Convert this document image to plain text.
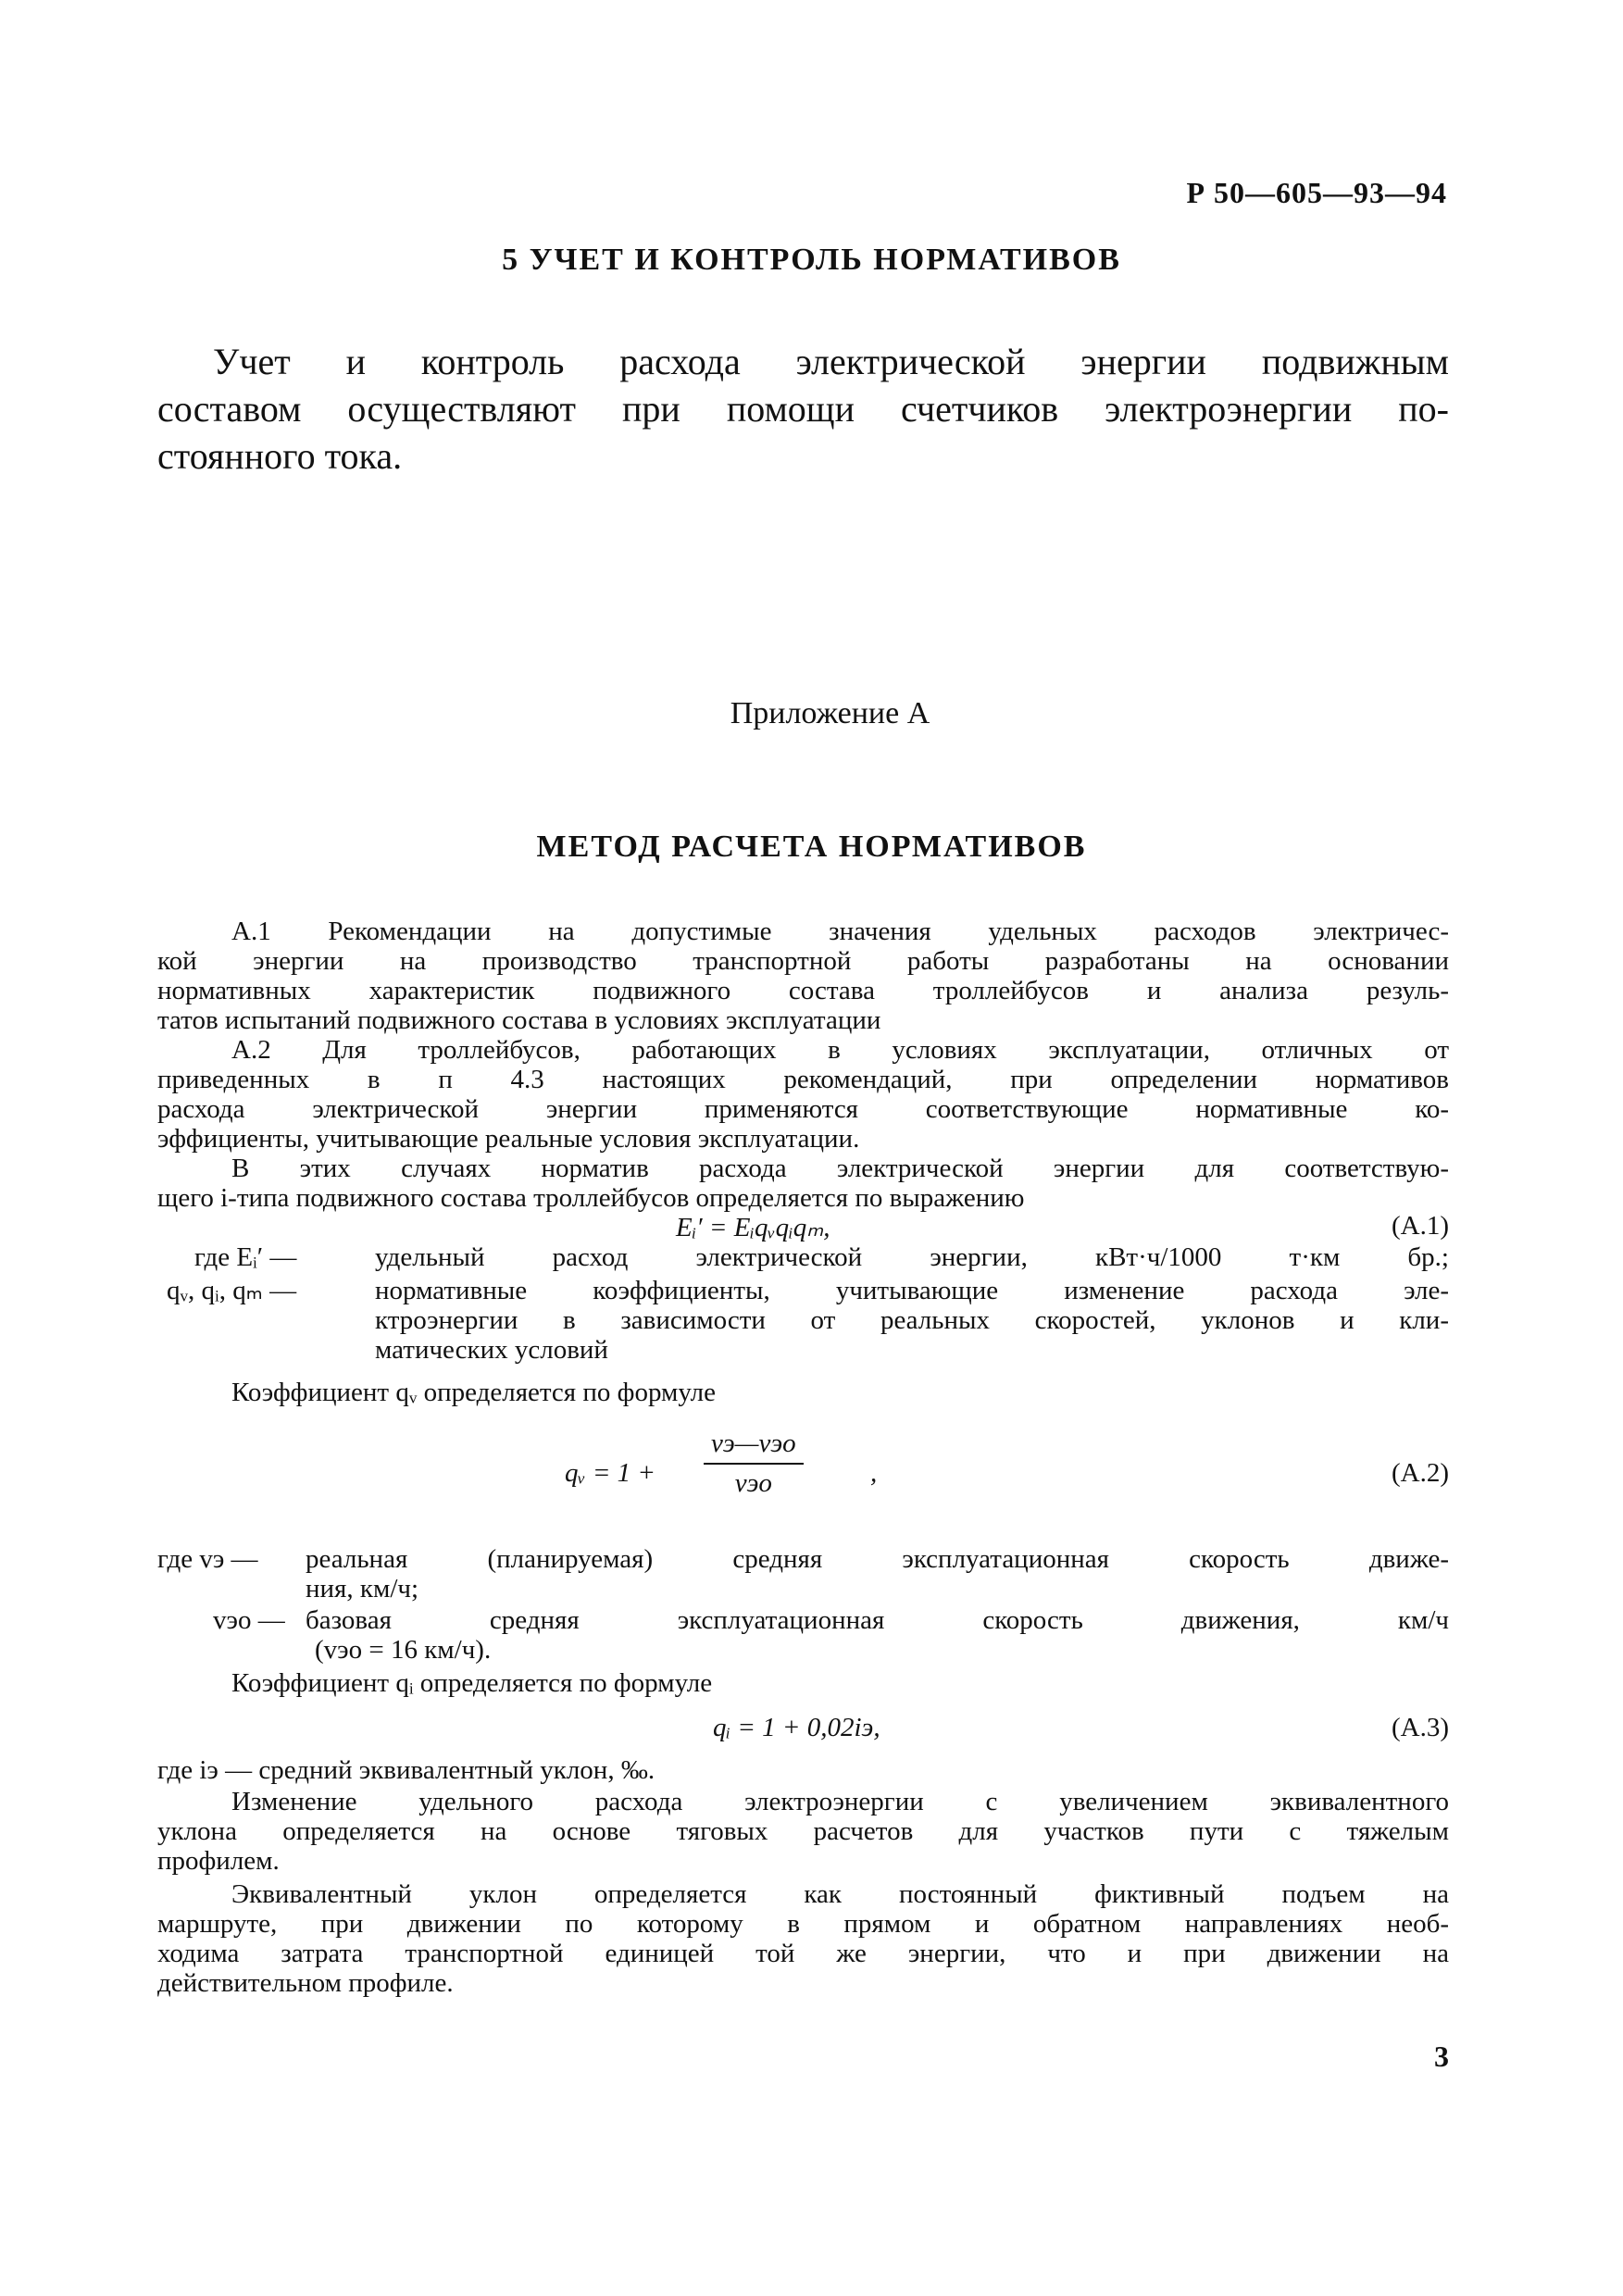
Р 50—605—93—94
5 УЧЕТ И КОНТРОЛЬ НОРМАТИВОВ
Учет и контроль расхода электрической энергии подвижным
составом осуществляют при помощи счетчиков электроэнергии по-
стоянного тока.
Приложение А
МЕТОД РАСЧЕТА НОРМАТИВОВ
А.1 Рекомендации на допустимые значения удельных расходов электричес-
кой энергии на производство транспортной работы разработаны на основании
нормативных характеристик подвижного состава троллейбусов и анализа резуль-
татов испытаний подвижного состава в условиях эксплуатации
А.2 Для троллейбусов, работающих в условиях эксплуатации, отличных от
приведенных в п 4.3 настоящих рекомендаций, при определении нормативов
расхода электрической энергии применяются соответствующие нормативные ко-
эффициенты, учитывающие реальные условия эксплуатации.
В этих случаях норматив расхода электрической энергии для соответствую-
щего i-типа подвижного состава троллейбусов определяется по выражению
Eᵢ′ = Eᵢqᵥqᵢqₘ,	(А.1)
где Eᵢ′ —	удельный расход электрической энергии, кВт·ч/1000 т·км бр.;
qᵥ, qᵢ, qₘ —	нормативные коэффициенты, учитывающие изменение расхода эле-
ктроэнергии в зависимости от реальных скоростей, уклонов и кли-
матических условий
Коэффициент qᵥ определяется по формуле
qᵥ = 1 +
vэ—vэo
vэo	,	(А.2)
где vэ — реальная (планируемая) средняя эксплуатационная скорость движе-
ния, км/ч;
vэo — базовая средняя эксплуатационная скорость движения, км/ч
(vэo = 16 км/ч).
Коэффициент qᵢ определяется по формуле
qᵢ = 1 + 0,02iэ,	(А.3)
где iэ — средний эквивалентный уклон, ‰.
Изменение удельного расхода электроэнергии с увеличением эквивалентного
уклона определяется на основе тяговых расчетов для участков пути с тяжелым
профилем.
Эквивалентный уклон определяется как постоянный фиктивный подъем на
маршруте, при движении по которому в прямом и обратном направлениях необ-
ходима затрата транспортной единицей той же энергии, что и при движении на
действительном профиле.
3
